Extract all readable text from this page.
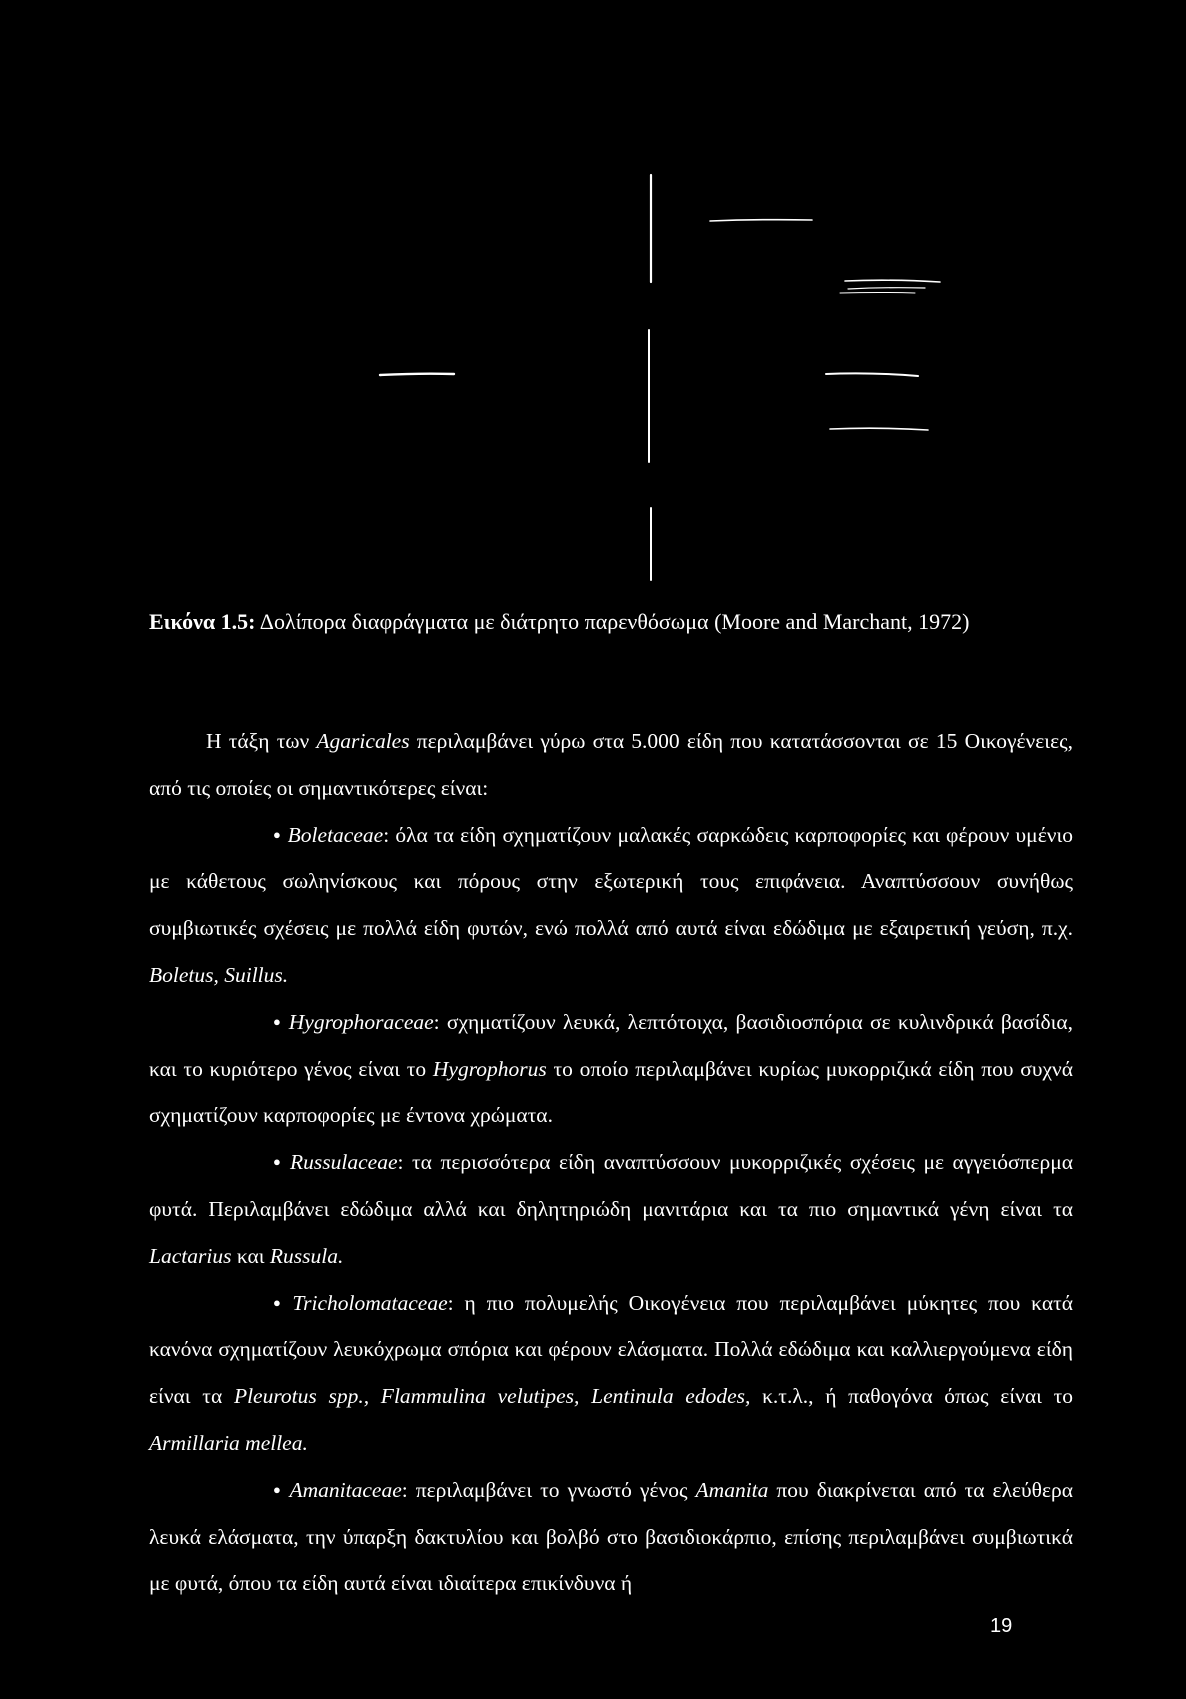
Εικόνα 1.5: Δολίπορα διαφράγματα με διάτρητο παρενθόσωμα (Moore and Marchant, 1972)

Η τάξη των Agaricales περιλαμβάνει γύρω στα 5.000 είδη που κατατάσσονται σε 15 Οικογένειες, από τις οποίες οι σημαντικότερες είναι:

● Boletaceae: όλα τα είδη σχηματίζουν μαλακές σαρκώδεις καρποφορίες και φέρουν υμένιο με κάθετους σωληνίσκους και πόρους στην εξωτερική τους επιφάνεια. Αναπτύσσουν συνήθως συμβιωτικές σχέσεις με πολλά είδη φυτών, ενώ πολλά από αυτά είναι εδώδιμα με εξαιρετική γεύση, π.χ. Boletus, Suillus.

● Hygrophoraceae: σχηματίζουν λευκά, λεπτότοιχα, βασιδιοσπόρια σε κυλινδρικά βασίδια, και το κυριότερο γένος είναι το Hygrophorus το οποίο περιλαμβάνει κυρίως μυκορριζικά είδη που συχνά σχηματίζουν καρποφορίες με έντονα χρώματα.

● Russulaceae: τα περισσότερα είδη αναπτύσσουν μυκορριζικές σχέσεις με αγγειόσπερμα φυτά. Περιλαμβάνει εδώδιμα αλλά και δηλητηριώδη μανιτάρια και τα πιο σημαντικά γένη είναι τα Lactarius και Russula.

● Tricholomataceae: η πιο πολυμελής Οικογένεια που περιλαμβάνει μύκητες που κατά κανόνα σχηματίζουν λευκόχρωμα σπόρια και φέρουν ελάσματα. Πολλά εδώδιμα και καλλιεργούμενα είδη είναι τα Pleurotus spp., Flammulina velutipes, Lentinula edodes, κ.τ.λ., ή παθογόνα όπως είναι το Armillaria mellea.

● Amanitaceae: περιλαμβάνει το γνωστό γένος Amanita που διακρίνεται από τα ελεύθερα λευκά ελάσματα, την ύπαρξη δακτυλίου και βολβό στο βασιδιοκάρπιο, επίσης περιλαμβάνει συμβιωτικά με φυτά, όπου τα είδη αυτά είναι ιδιαίτερα επικίνδυνα ή

19
